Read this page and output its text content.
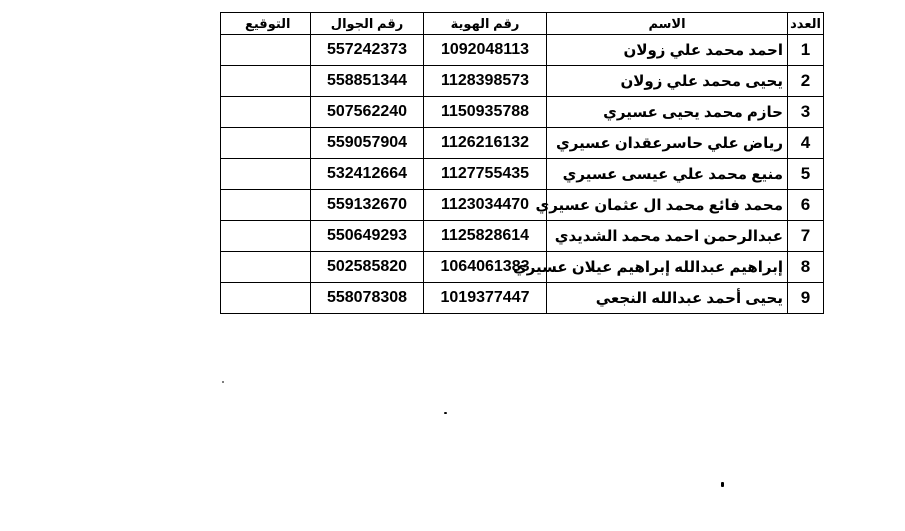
العدد	الاسم	رقم الهوية	رقم الجوال	التوقيع
1	احمد محمد علي زولان	1092048113	557242373	
2	يحيى محمد علي زولان	1128398573	558851344	
3	حازم محمد يحيى عسيري	1150935788	507562240	
4	رياض علي حاسرعقدان عسيري	1126216132	559057904	
5	منيع محمد علي عيسى عسيري	1127755435	532412664	
6	محمد فائع محمد ال عثمان عسيري	1123034470	559132670	
7	عبدالرحمن احمد محمد الشديدي	1125828614	550649293	
8	إبراهيم عبدالله إبراهيم عيلان عسيري	1064061383	502585820	
9	يحيى أحمد عبدالله النجعي	1019377447	558078308	
